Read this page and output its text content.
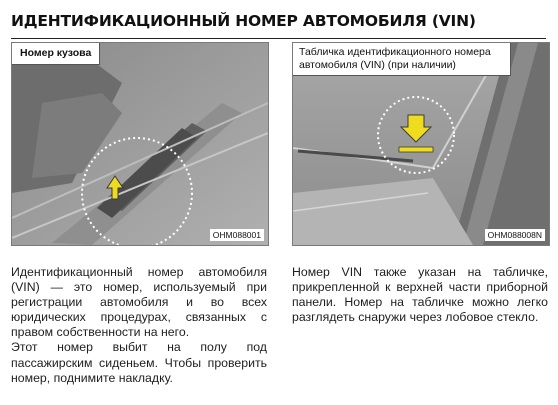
ИДЕНТИФИКАЦИОННЫЙ НОМЕР АВТОМОБИЛЯ (VIN)
Номер кузова
OHM088001
Табличка идентификационного номера автомобиля (VIN) (при наличии)
OHM088008N
Идентификационный номер автомобиля (VIN) — это номер, используемый при регистрации автомобиля и во всех юридических процедурах, связанных с правом собственности на него.
Этот номер выбит на полу под пассажирским сиденьем. Чтобы проверить номер, поднимите накладку.
Номер VIN также указан на табличке, прикрепленной к верхней части приборной панели. Номер на табличке можно легко разглядеть снаружи через лобовое стекло.
